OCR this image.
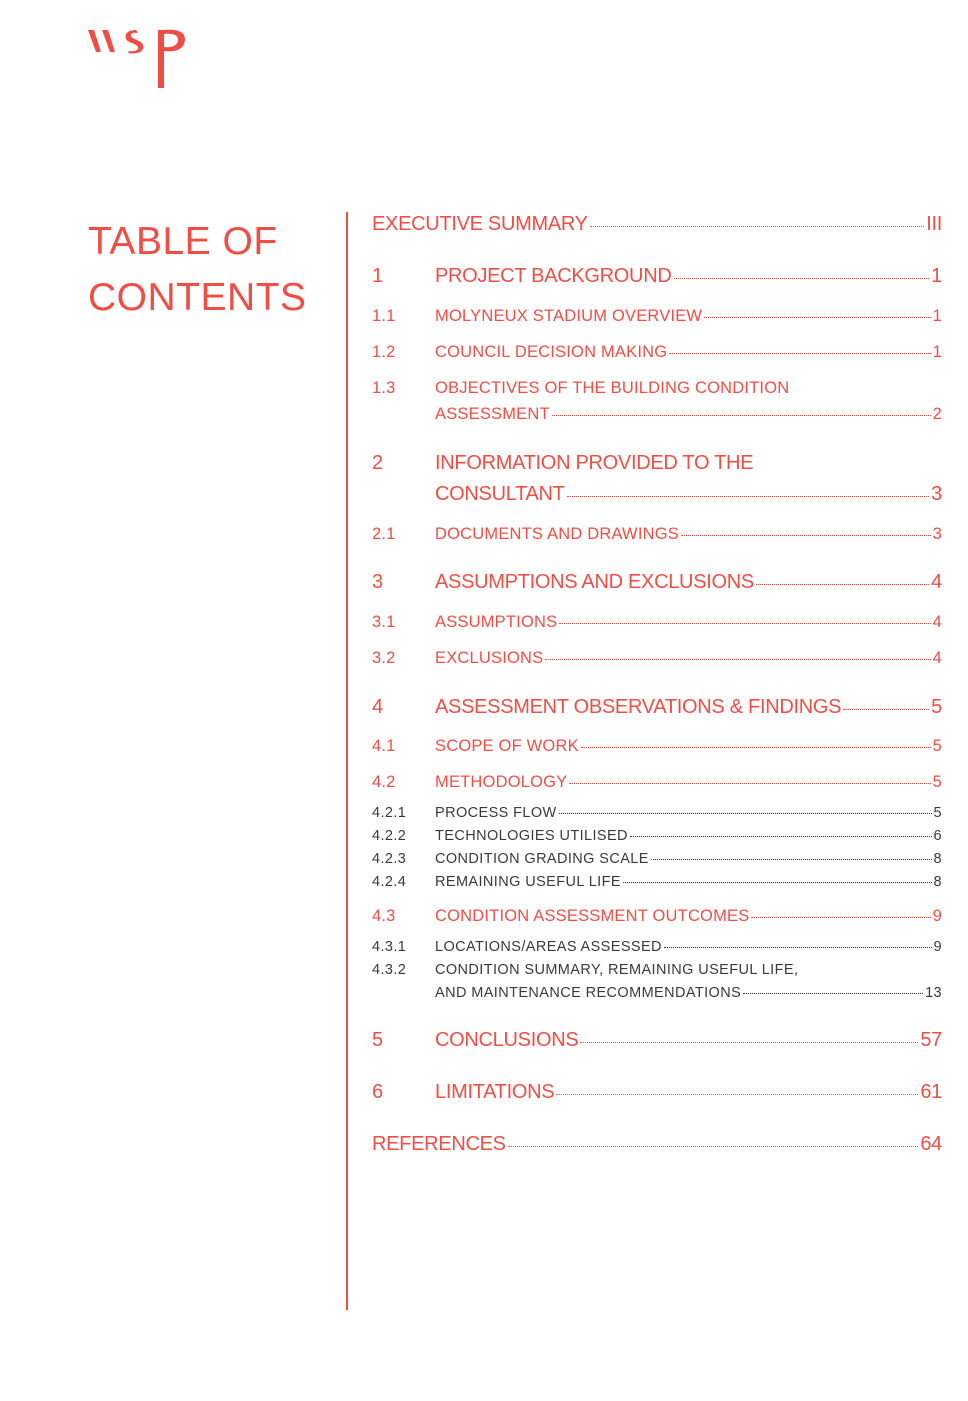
TABLE OF
CONTENTS
EXECUTIVE SUMMARY	III
1	PROJECT BACKGROUND	1
1.1	MOLYNEUX STADIUM OVERVIEW	1
1.2	COUNCIL DECISION MAKING	1
1.3	OBJECTIVES OF THE BUILDING CONDITION
ASSESSMENT	2
2	INFORMATION PROVIDED TO THE
CONSULTANT	3
2.1	DOCUMENTS AND DRAWINGS	3
3	ASSUMPTIONS AND EXCLUSIONS	4
3.1	ASSUMPTIONS	4
3.2	EXCLUSIONS	4
4	ASSESSMENT OBSERVATIONS & FINDINGS	5
4.1	SCOPE OF WORK	5
4.2	METHODOLOGY	5
4.2.1	PROCESS FLOW	5
4.2.2	TECHNOLOGIES UTILISED	6
4.2.3	CONDITION GRADING SCALE	8
4.2.4	REMAINING USEFUL LIFE	8
4.3	CONDITION ASSESSMENT OUTCOMES	9
4.3.1	LOCATIONS/AREAS ASSESSED	9
4.3.2	CONDITION SUMMARY, REMAINING USEFUL LIFE,
AND MAINTENANCE RECOMMENDATIONS	13
5	CONCLUSIONS	57
6	LIMITATIONS	61
REFERENCES	64
